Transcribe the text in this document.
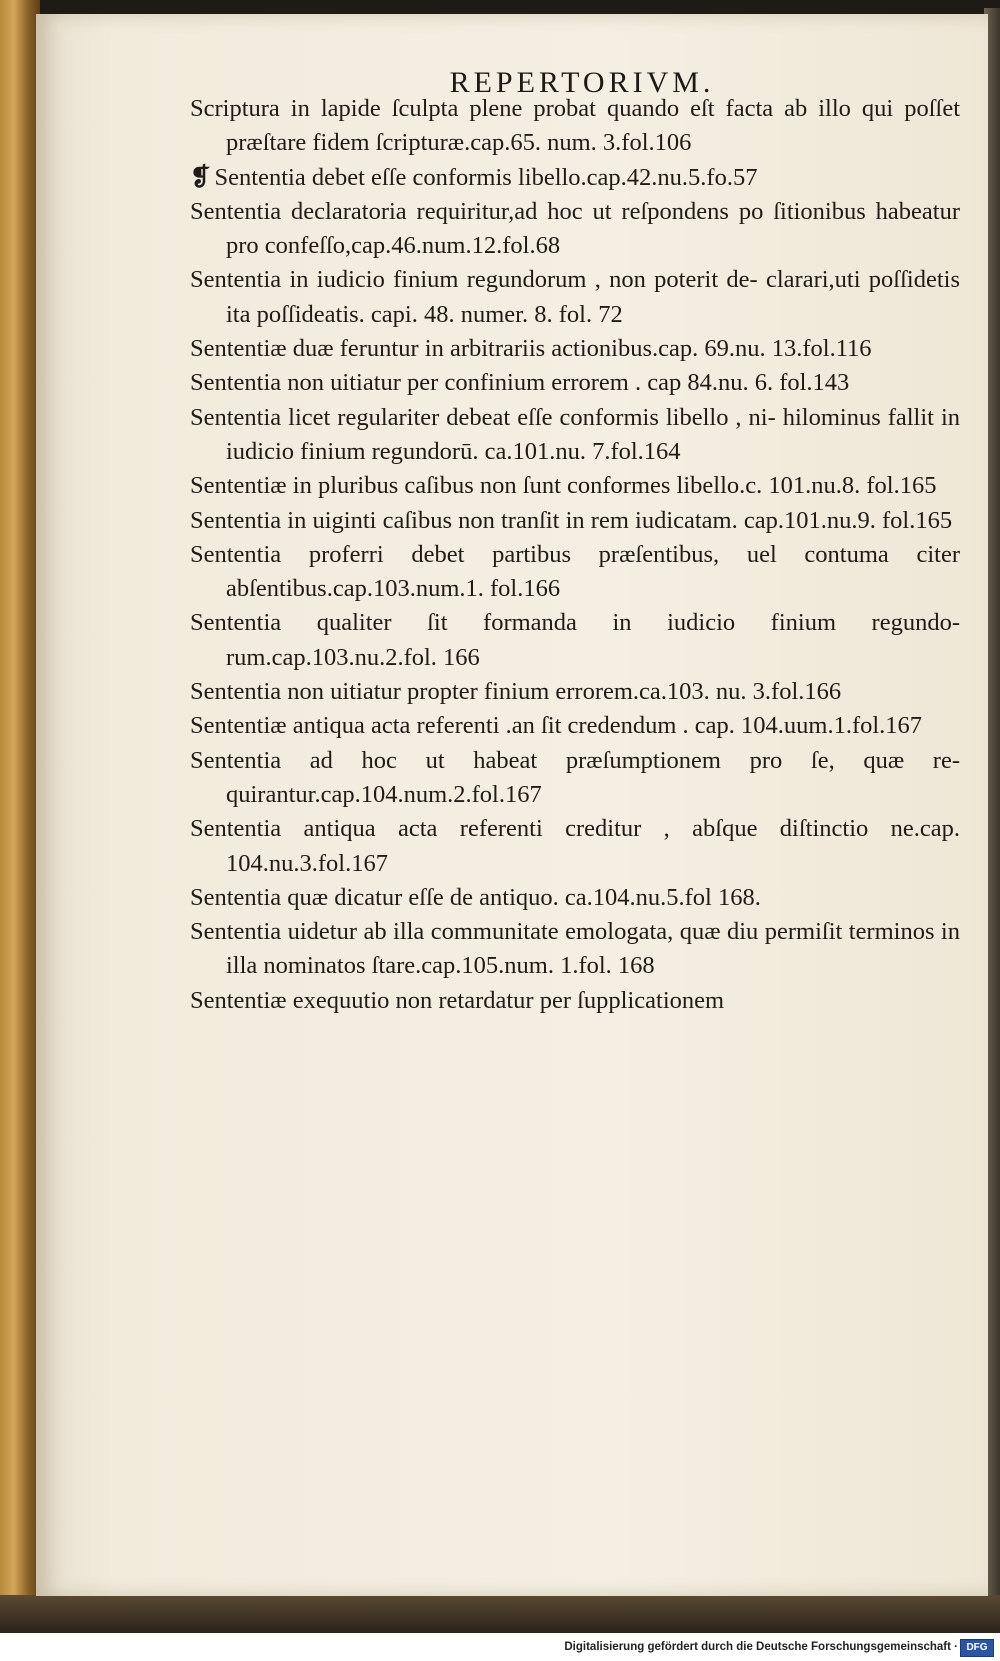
REPERTORIVM.

Scriptura in lapide ſculpta plene probat quando eſt facta ab illo qui poſſet præſtare fidem ſcripturæ.cap.65. num. 3.fol.106

❡ Sententia debet eſſe conformis libello.cap.42.nu.5.fo.57

Sententia declaratoria requiritur,ad hoc ut reſpondens po ſitionibus habeatur pro confeſſo,cap.46.num.12.fol.68

Sententia in iudicio finium regundorum , non poterit de- clarari,uti poſſidetis ita poſſideatis. capi. 48. numer. 8. fol. 72

Sententiæ duæ feruntur in arbitrariis actionibus.cap. 69.nu. 13.fol.116

Sententia non uitiatur per confinium errorem . cap 84.nu. 6. fol.143

Sententia licet regulariter debeat eſſe conformis libello , ni- hilominus fallit in iudicio finium regundorū. ca.101.nu. 7.fol.164

Sententiæ in pluribus caſibus non ſunt conformes libello.c. 101.nu.8. fol.165

Sententia in uiginti caſibus non tranſit in rem iudicatam. cap.101.nu.9. fol.165

Sententia proferri debet partibus præſentibus, uel contuma citer abſentibus.cap.103.num.1. fol.166

Sententia qualiter ſit formanda in iudicio finium regundo- rum.cap.103.nu.2.fol. 166

Sententia non uitiatur propter finium errorem.ca.103. nu. 3.fol.166

Sententiæ antiqua acta referenti .an ſit credendum . cap. 104.uum.1.fol.167

Sententia ad hoc ut habeat præſumptionem pro ſe, quæ re- quirantur.cap.104.num.2.fol.167

Sententia antiqua acta referenti creditur , abſque diſtinctio ne.cap. 104.nu.3.fol.167

Sententia quæ dicatur eſſe de antiquo. ca.104.nu.5.fol 168.

Sententia uidetur ab illa communitate emologata, quæ diu permiſit terminos in illa nominatos ſtare.cap.105.num. 1.fol. 168

Sententiæ exequutio non retardatur per ſupplicationem

Digitalisierung gefördert durch die Deutsche Forschungsgemeinschaft · DFG
